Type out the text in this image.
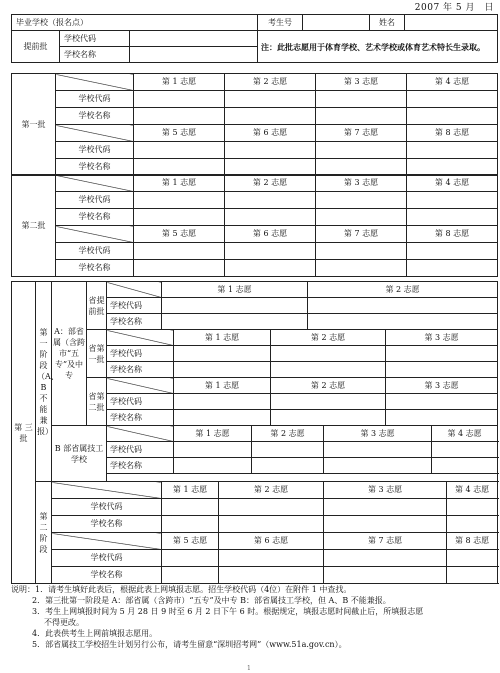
2007 年 5 月　日
毕业学校（报名点）			考生号		姓名	
提前批	学校代码		注：此批志愿用于体育学校、艺术学校或体育艺术特长生录取。			
	学校名称					
第一批		第 1 志愿	第 2 志愿	第 3 志愿	第 4 志愿
	学校代码				
	学校名称				
		第 5 志愿	第 6 志愿	第 7 志愿	第 8 志愿
	学校代码				
	学校名称				
第二批		第 1 志愿	第 2 志愿	第 3 志愿	第 4 志愿
	学校代码				
	学校名称				
		第 5 志愿	第 6 志愿	第 7 志愿	第 8 志愿
	学校代码				
	学校名称				
第 三 批	第一阶段（A、B不能兼报）	A：部省属（含跨市“五专”及中专	省提前批		第 1 志愿					第 2 志愿				
				学校代码										
				学校名称										
			省第一批			第 1 志愿			第 2 志愿			第 3 志愿		
				学校代码										
				学校名称										
			省第二批			第 1 志愿			第 2 志愿			第 3 志愿		
				学校代码										
				学校名称										
		B 部省属技工学校				第 1 志愿		第 2 志愿			第 3 志愿		第 4 志愿	
				学校代码										
				学校名称										

	第二阶段				第 1 志愿		第 2 志愿				第 3 志愿			第 4 志愿
		学校代码												
		学校名称												
					第 5 志愿		第 6 志愿				第 7 志愿			第 8 志愿
		学校代码												
		学校名称												
说明：1．请考生填好此表后，根据此表上网填报志愿。招生学校代码（4位）在附件 1 中查找。
2．第三批第一阶段是 A：部省属（含跨市）“五专”及中专 B：部省属技工学校，但 A、B 不能兼报。
3．考生上网填报时间为 5 月 28 日 9 时至 6 月 2 日下午 6 时。根据规定，填报志愿时间截止后，所填报志愿
不得更改。
4．此表供考生上网前填报志愿用。
5．部省属技工学校招生计划另行公布，请考生留意“深圳招考网”（www.51a.gov.cn）。
1
